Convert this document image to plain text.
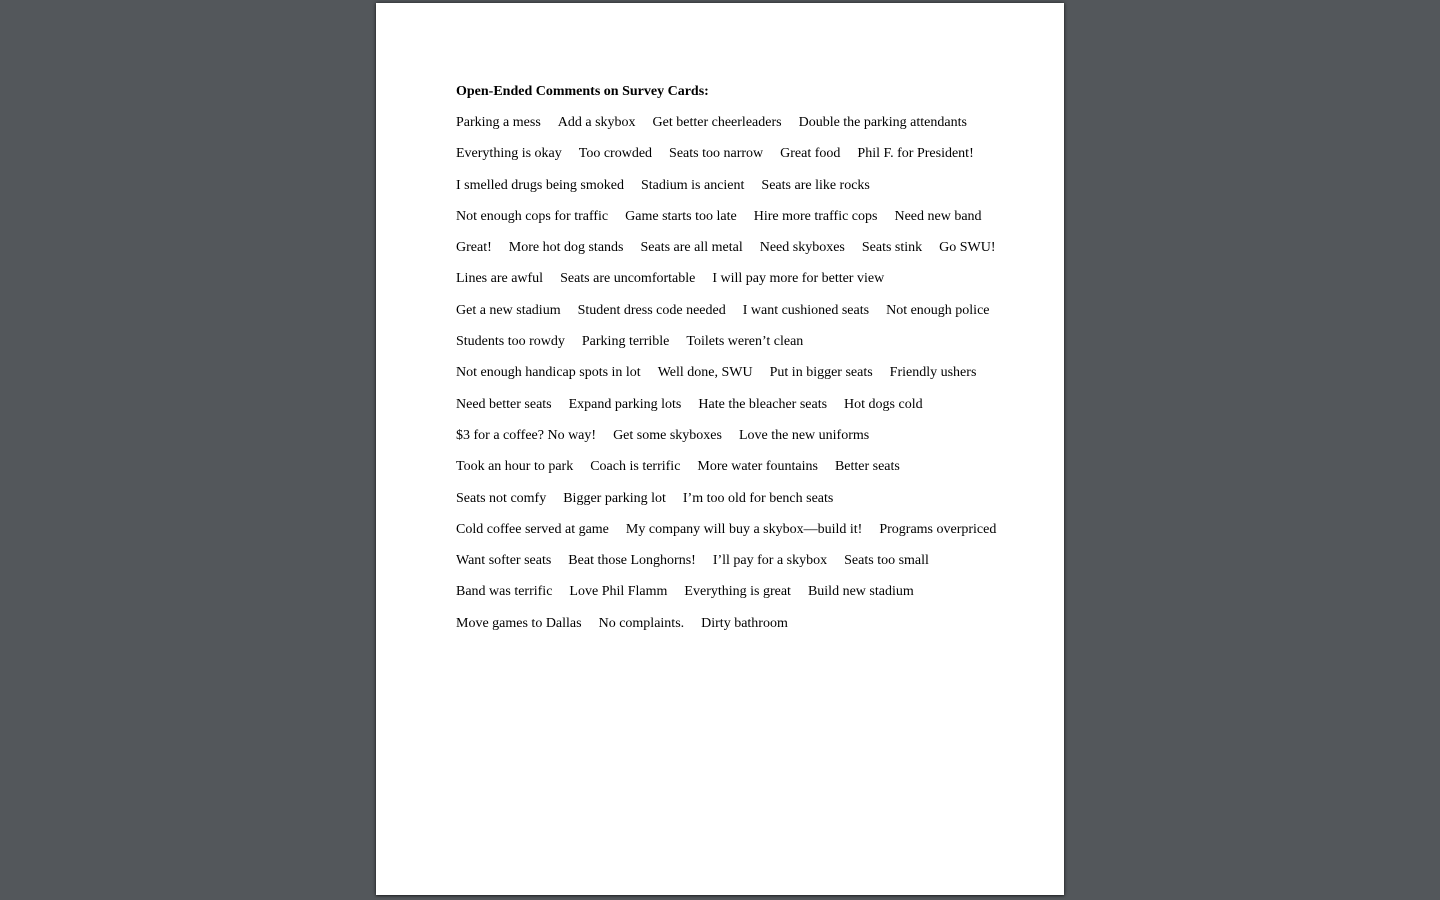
Open-Ended Comments on Survey Cards:
Parking a mess Add a skybox Get better cheerleaders Double the parking attendants
Everything is okay Too crowded Seats too narrow Great food Phil F. for President!
I smelled drugs being smoked Stadium is ancient Seats are like rocks
Not enough cops for traffic Game starts too late Hire more traffic cops Need new band
Great! More hot dog stands Seats are all metal Need skyboxes Seats stink Go SWU!
Lines are awful Seats are uncomfortable I will pay more for better view
Get a new stadium Student dress code needed I want cushioned seats Not enough police
Students too rowdy Parking terrible Toilets weren’t clean
Not enough handicap spots in lot Well done, SWU Put in bigger seats Friendly ushers
Need better seats Expand parking lots Hate the bleacher seats Hot dogs cold
$3 for a coffee? No way! Get some skyboxes Love the new uniforms
Took an hour to park Coach is terrific More water fountains Better seats
Seats not comfy Bigger parking lot I’m too old for bench seats
Cold coffee served at game My company will buy a skybox—build it! Programs overpriced
Want softer seats Beat those Longhorns! I’ll pay for a skybox Seats too small
Band was terrific Love Phil Flamm Everything is great Build new stadium
Move games to Dallas No complaints. Dirty bathroom
